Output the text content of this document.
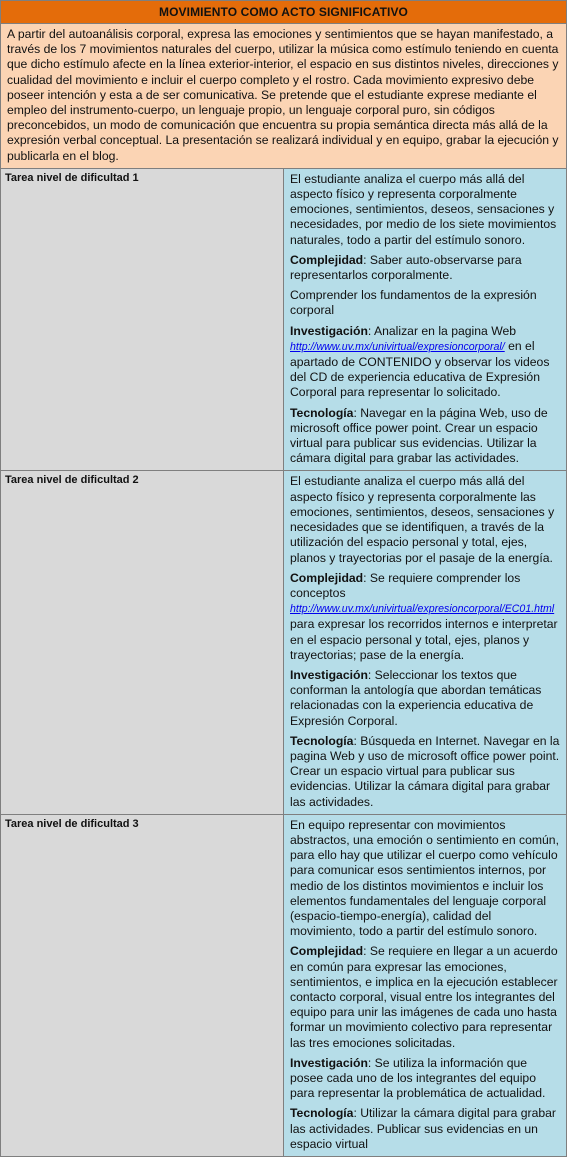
MOVIMIENTO COMO ACTO SIGNIFICATIVO	
A partir del autoanálisis corporal, expresa las emociones y sentimientos que se hayan manifestado, a través de los 7 movimientos naturales del cuerpo, utilizar la música como estímulo teniendo en cuenta que dicho estímulo afecte en la línea exterior-interior, el espacio en sus distintos niveles, direcciones y cualidad del movimiento e incluir el cuerpo completo y el rostro. Cada movimiento expresivo debe poseer intención y esta a de ser comunicativa. Se pretende que el estudiante exprese mediante el empleo del instrumento-cuerpo, un lenguaje propio, un lenguaje corporal puro, sin códigos preconcebidos, un modo de comunicación que encuentra su propia semántica directa más allá de la expresión verbal conceptual. La presentación se realizará individual y en equipo, grabar la ejecución y publicarla en el blog.	
Tarea nivel de dificultad 1	El estudiante analiza el cuerpo más allá del aspecto físico y representa corporalmente emociones, sentimientos, deseos, sensaciones y necesidades, por medio de los siete movimientos naturales, todo a partir del estímulo sonoro.

Complejidad: Saber auto-observarse para representarlos corporalmente.

Comprender los fundamentos de la expresión corporal

Investigación: Analizar en la pagina Web http://www.uv.mx/univirtual/expresioncorporal/ en el apartado de CONTENIDO y observar los videos del CD de experiencia educativa de Expresión Corporal para representar lo solicitado.

Tecnología: Navegar en la página Web, uso de microsoft office power point. Crear un espacio virtual para publicar sus evidencias. Utilizar la cámara digital para grabar las actividades.

Tarea nivel de dificultad 2	El estudiante analiza el cuerpo más allá del aspecto físico y representa corporalmente las emociones, sentimientos, deseos, sensaciones y necesidades que se identifiquen, a través de la utilización del espacio personal y total, ejes, planos y trayectorias por el pasaje de la energía.

Complejidad: Se requiere comprender los conceptos
http://www.uv.mx/univirtual/expresioncorporal/EC01.html para expresar los recorridos internos e interpretar en el espacio personal y total, ejes, planos y trayectorias; pase de la energía.

Investigación: Seleccionar los textos que conforman la antología que abordan temáticas relacionadas con la experiencia educativa de Expresión Corporal.

Tecnología: Búsqueda en Internet. Navegar en la pagina Web y uso de microsoft office power point. Crear un espacio virtual para publicar sus evidencias. Utilizar la cámara digital para grabar las actividades.

Tarea nivel de dificultad 3	En equipo representar con movimientos abstractos, una emoción o sentimiento en común, para ello hay que utilizar el cuerpo como vehículo para comunicar esos sentimientos internos, por medio de los distintos movimientos e incluir los elementos fundamentales del lenguaje corporal (espacio-tiempo-energía), calidad del movimiento, todo a partir del estímulo sonoro.

Complejidad: Se requiere en llegar a un acuerdo en común para expresar las emociones, sentimientos, e implica en la ejecución establecer contacto corporal, visual entre los integrantes del equipo para unir las imágenes de cada uno hasta formar un movimiento colectivo para representar las tres emociones solicitadas.

Investigación: Se utiliza la información que posee cada uno de los integrantes del equipo para representar la problemática de actualidad.

Tecnología: Utilizar la cámara digital para grabar las actividades. Publicar sus evidencias en un espacio virtual
